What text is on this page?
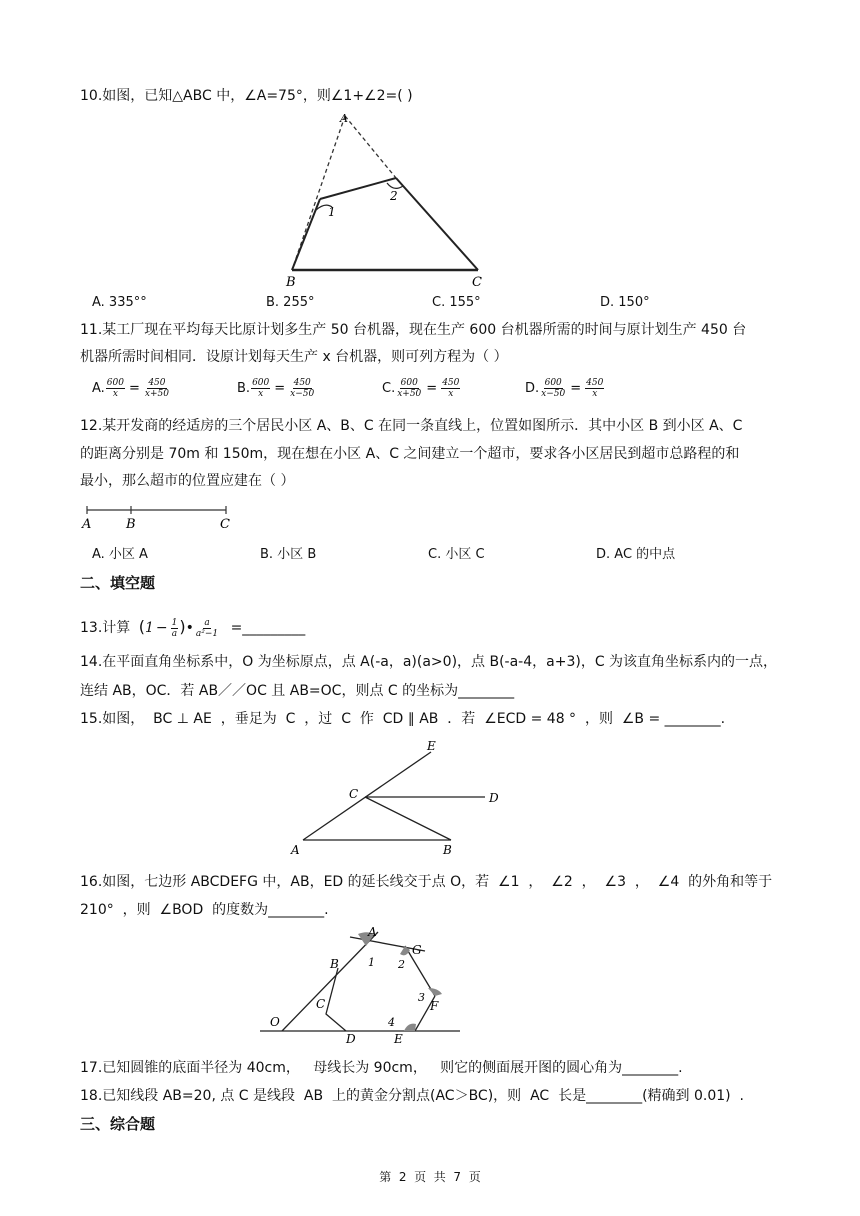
10.如图，已知△ABC 中，∠A=75°，则∠1+∠2=( )
A
1
2
B	C
A. 335°°	B. 255°	C. 155°	D. 150°
11.某工厂现在平均每天比原计划多生产 50 台机器，现在生产 600 台机器所需的时间与原计划生产 450 台
机器所需时间相同．设原计划每天生产 x 台机器，则可列方程为（ ）
A. $\frac{600}{x} = \frac{450}{x+50}$	B. $\frac{600}{x} = \frac{450}{x-50}$	C. $\frac{600}{x+50} = \frac{450}{x}$	D. $\frac{600}{x-50} = \frac{450}{x}$
12.某开发商的经适房的三个居民小区 A、B、C 在同一条直线上，位置如图所示．其中小区 B 到小区 A、C
的距离分别是 70m 和 150m，现在想在小区 A、C 之间建立一个超市，要求各小区居民到超市总路程的和
最小，那么超市的位置应建在（ ）
A	B	C
A. 小区 A	B. 小区 B	C. 小区 C	D. AC 的中点
二、填空题
13.计算 ($1 - \frac{1}{a}$ )• $\frac{a}{\text{a²−1}}$ =_________
14.在平面直角坐标系中，O 为坐标原点，点 A(-a，a)(a>0)，点 B(-a-4，a+3)，C 为该直角坐标系内的一点，
连结 AB，OC．若 AB／／OC 且 AB=OC，则点 C 的坐标为________
15.如图，  BC ⊥ AE  ，垂足为  C  ，过  C  作  CD ∥ AB  ．若  ∠ECD = 48 °  ，则  ∠B = ________.
E
C	D
A	B
16.如图，七边形 ABCDEFG 中，AB，ED 的延长线交于点 O，若  ∠1  ，  ∠2  ，  ∠3  ，  ∠4  的外角和等于
210°  ，则  ∠BOD  的度数为________.
A
G
B
C	F
O
D	E
1 2
3
4
17.已知圆锥的底面半径为 40cm，   母线长为 90cm，   则它的侧面展开图的圆心角为________.
18.已知线段 AB=20, 点 C 是线段  AB  上的黄金分割点(AC＞BC)，则  AC  长是________(精确到 0.01)  .
三、综合题
第  2  页  共  7  页
